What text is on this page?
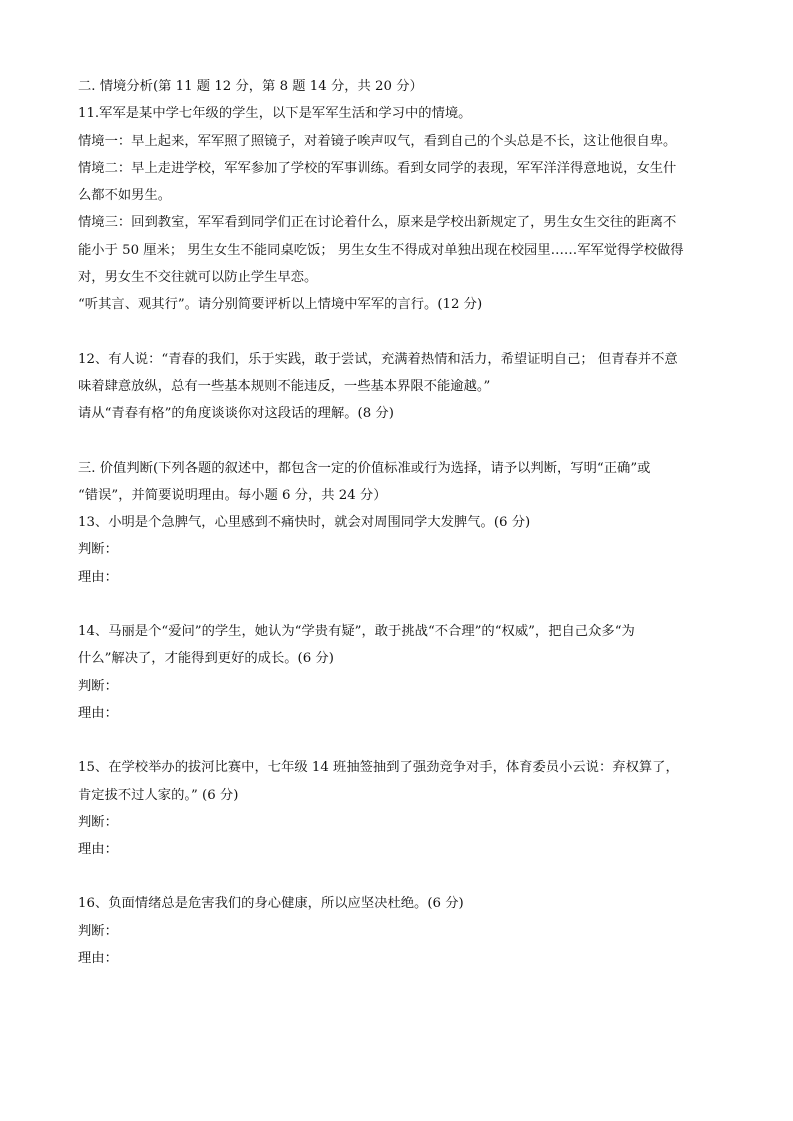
二. 情境分析(第 11 题 12 分，第 8 题 14 分，共 20 分）
11.军军是某中学七年级的学生，以下是军军生活和学习中的情境。
情境一：早上起来，军军照了照镜子，对着镜子唉声叹气，看到自己的个头总是不长，这让他很自卑。
情境二：早上走进学校，军军参加了学校的军事训练。看到女同学的表现，军军洋洋得意地说，女生什
么都不如男生。
情境三：回到教室，军军看到同学们正在讨论着什么，原来是学校出新规定了，男生女生交往的距离不
能小于 50 厘米； 男生女生不能同桌吃饭； 男生女生不得成对单独出现在校园里……军军觉得学校做得
对，男女生不交往就可以防止学生早恋。
“听其言、观其行”。请分别简要评析以上情境中军军的言行。(12 分)
12、有人说：“青春的我们，乐于实践，敢于尝试，充满着热情和活力，希望证明自己； 但青春并不意
味着肆意放纵，总有一些基本规则不能违反，一些基本界限不能逾越。”
请从“青春有格”的角度谈谈你对这段话的理解。(8 分)
三. 价值判断(下列各题的叙述中，都包含一定的价值标准或行为选择，请予以判断，写明“正确”或
“错误”，并简要说明理由。每小题 6 分，共 24 分）
13、小明是个急脾气，心里感到不痛快时，就会对周围同学大发脾气。(6 分)
判断：
理由：
14、马丽是个“爱问”的学生，她认为“学贵有疑”，敢于挑战“不合理”的“权威”，把自己众多“为
什么”解决了，才能得到更好的成长。(6 分)
判断：
理由：
15、在学校举办的拔河比赛中，七年级 14 班抽签抽到了强劲竞争对手，体育委员小云说：弃权算了，
肯定拔不过人家的。” (6 分)
判断：
理由：
16、负面情绪总是危害我们的身心健康，所以应坚决杜绝。(6 分)
判断：
理由：
